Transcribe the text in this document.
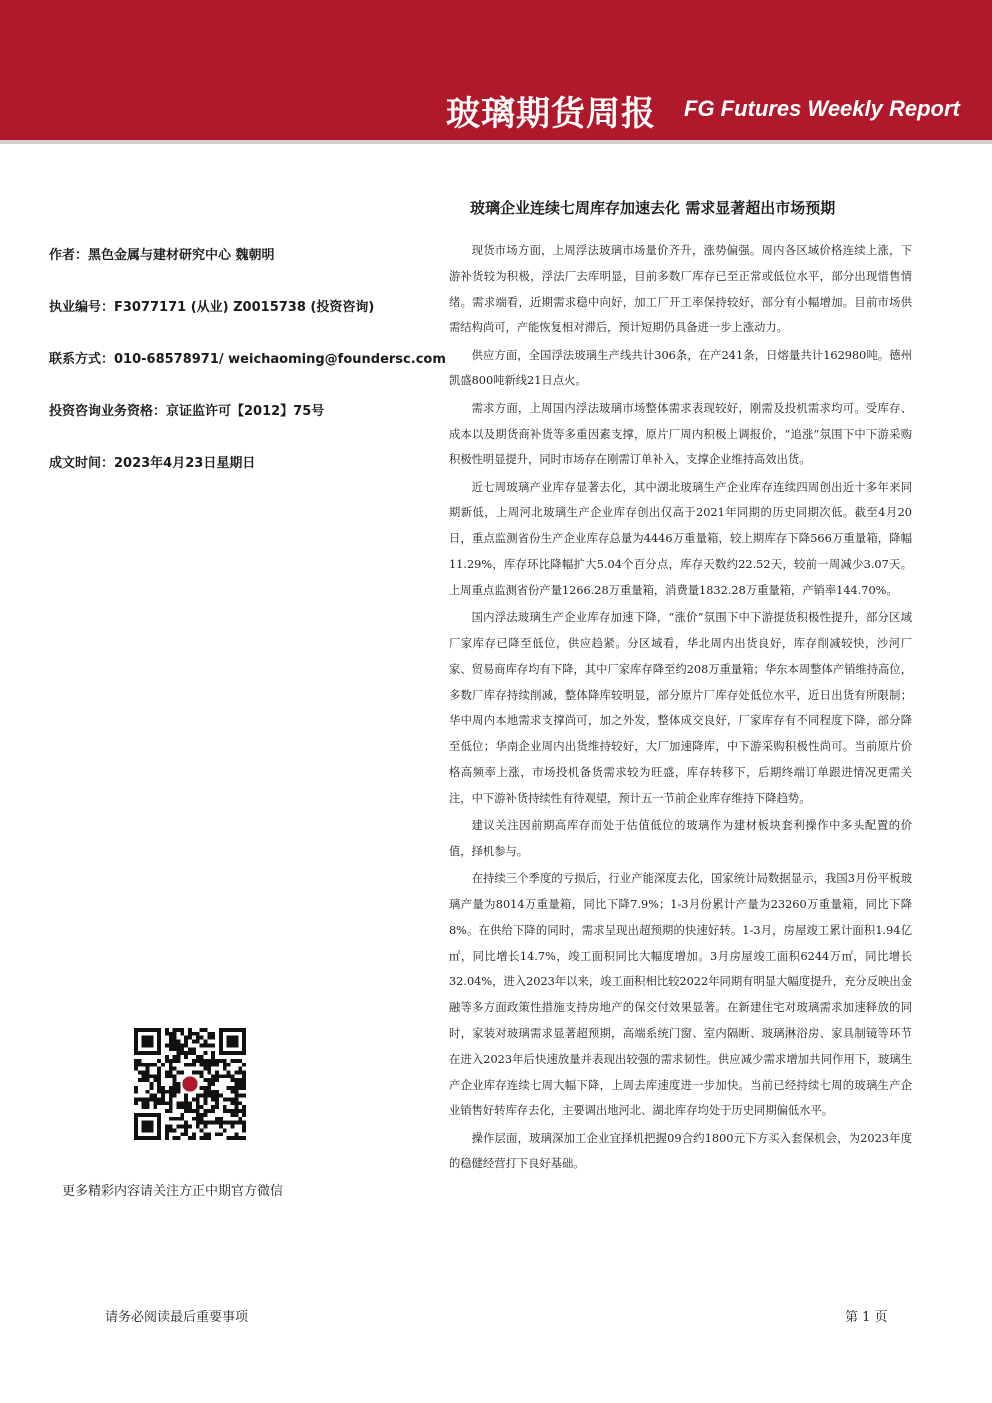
玻璃期货周报 FG Futures Weekly Report
玻璃企业连续七周库存加速去化 需求显著超出市场预期
作者：黑色金属与建材研究中心 魏朝明
执业编号：F3077171 (从业) Z0015738 (投资咨询)
联系方式：010-68578971/ weichaoming@foundersc.com
投资咨询业务资格：京证监许可【2012】75号
成文时间：2023年4月23日星期日

现货市场方面，上周浮法玻璃市场量价齐升，涨势偏强。周内各区域价格连续上涨，下游补货较为积极，浮法厂去库明显，目前多数厂库存已至正常或低位水平，部分出现惜售情绪。需求端看，近期需求稳中向好，加工厂开工率保持较好，部分有小幅增加。目前市场供需结构尚可，产能恢复相对滞后，预计短期仍具备进一步上涨动力。

供应方面，全国浮法玻璃生产线共计306条，在产241条，日熔量共计162980吨。德州凯盛800吨新线21日点火。

需求方面，上周国内浮法玻璃市场整体需求表现较好，刚需及投机需求均可。受库存、成本以及期货商补货等多重因素支撑，原片厂周内积极上调报价，“追涨”氛围下中下游采购积极性明显提升，同时市场存在刚需订单补入，支撑企业维持高效出货。

近七周玻璃产业库存显著去化，其中湖北玻璃生产企业库存连续四周创出近十多年来同期新低，上周河北玻璃生产企业库存创出仅高于2021年同期的历史同期次低。截至4月20日，重点监测省份生产企业库存总量为4446万重量箱，较上期库存下降566万重量箱，降幅11.29%，库存环比降幅扩大5.04个百分点，库存天数约22.52天，较前一周减少3.07天。上周重点监测省份产量1266.28万重量箱，消费量1832.28万重量箱，产销率144.70%。

国内浮法玻璃生产企业库存加速下降，“涨价”氛围下中下游提货积极性提升，部分区域厂家库存已降至低位，供应趋紧。分区域看，华北周内出货良好，库存削减较快，沙河厂家、贸易商库存均有下降，其中厂家库存降至约208万重量箱；华东本周整体产销维持高位，多数厂库存持续削减，整体降库较明显，部分原片厂库存处低位水平，近日出货有所限制；华中周内本地需求支撑尚可，加之外发，整体成交良好，厂家库存有不同程度下降，部分降至低位；华南企业周内出货维持较好，大厂加速降库，中下游采购积极性尚可。当前原片价格高频率上涨，市场投机备货需求较为旺盛，库存转移下，后期终端订单跟进情况更需关注，中下游补货持续性有待观望，预计五一节前企业库存维持下降趋势。

建议关注因前期高库存而处于估值低位的玻璃作为建材板块套利操作中多头配置的价值，择机参与。

在持续三个季度的亏损后，行业产能深度去化，国家统计局数据显示，我国3月份平板玻璃产量为8014万重量箱，同比下降7.9%；1-3月份累计产量为23260万重量箱，同比下降8%。在供给下降的同时，需求呈现出超预期的快速好转。1-3月，房屋竣工累计面积1.94亿㎡，同比增长14.7%，竣工面积同比大幅度增加。3月房屋竣工面积6244万㎡，同比增长32.04%，进入2023年以来，竣工面积相比较2022年同期有明显大幅度提升，充分反映出金融等多方面政策性措施支持房地产的保交付效果显著。在新建住宅对玻璃需求加速释放的同时，家装对玻璃需求显著超预期，高端系统门窗、室内隔断、玻璃淋浴房、家具制镜等环节在进入2023年后快速放量并表现出较强的需求韧性。供应减少需求增加共同作用下，玻璃生产企业库存连续七周大幅下降，上周去库速度进一步加快。当前已经持续七周的玻璃生产企业销售好转库存去化，主要调出地河北、湖北库存均处于历史同期偏低水平。

操作层面，玻璃深加工企业宜择机把握09合约1800元下方买入套保机会，为2023年度的稳健经营打下良好基础。

更多精彩内容请关注方正中期官方微信
请务必阅读最后重要事项	第 1 页
